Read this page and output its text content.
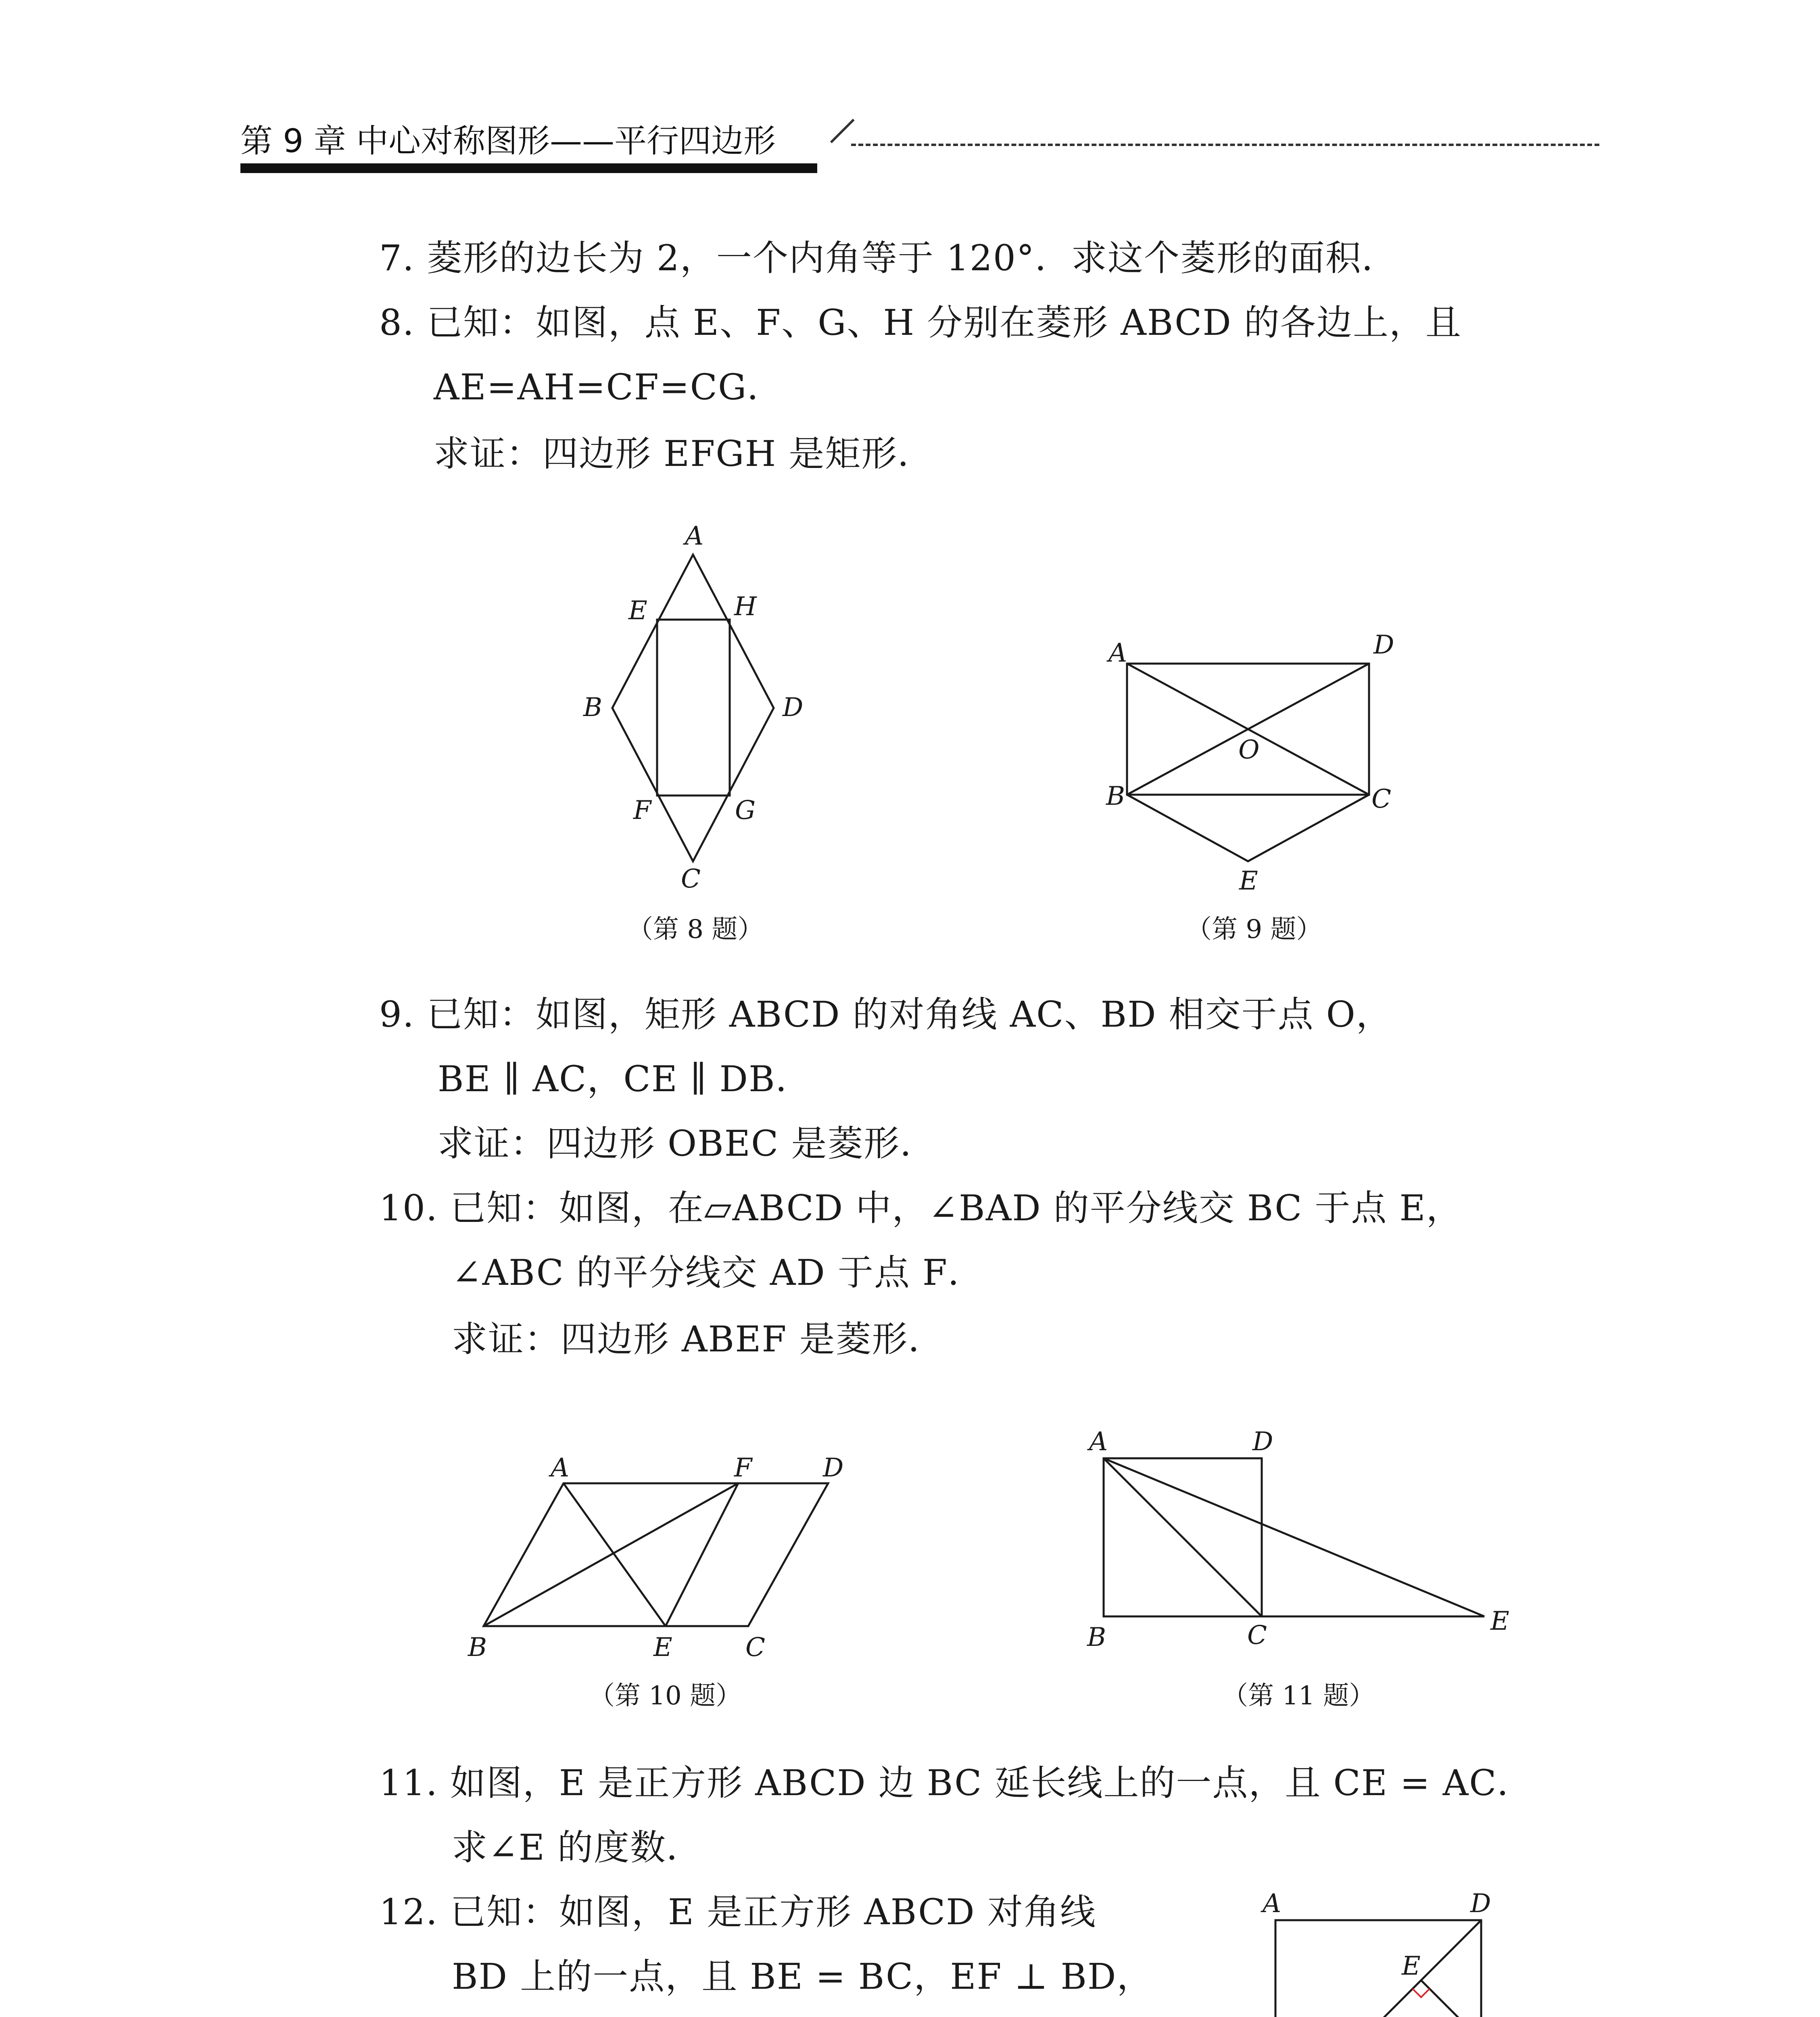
第 9 章 中心对称图形——平行四边形
7. 菱形的边长为 2，一个内角等于 120°．求这个菱形的面积．
8. 已知：如图，点 E、F、G、H 分别在菱形 ABCD 的各边上，且
AE=AH=CF=CG．
求证：四边形 EFGH 是矩形．
A
E	H
B	D
F	G
C
（第 8 题）
A	D
O
B	C
E
（第 9 题）
9. 已知：如图，矩形 ABCD 的对角线 AC、BD 相交于点 O，
BE ∥ AC，CE ∥ DB．
求证：四边形 OBEC 是菱形．
10. 已知：如图，在▱ABCD 中，∠BAD 的平分线交 BC 于点 E，
∠ABC 的平分线交 AD 于点 F．
求证：四边形 ABEF 是菱形．
A	F	D
B	E	C
（第 10 题）
A	D
B	C	E
（第 11 题）
11. 如图，E 是正方形 ABCD 边 BC 延长线上的一点，且 CE = AC．
求∠E 的度数．
12. 已知：如图，E 是正方形 ABCD 对角线
BD 上的一点，且 BE = BC，EF ⊥ BD，
A	D
E
